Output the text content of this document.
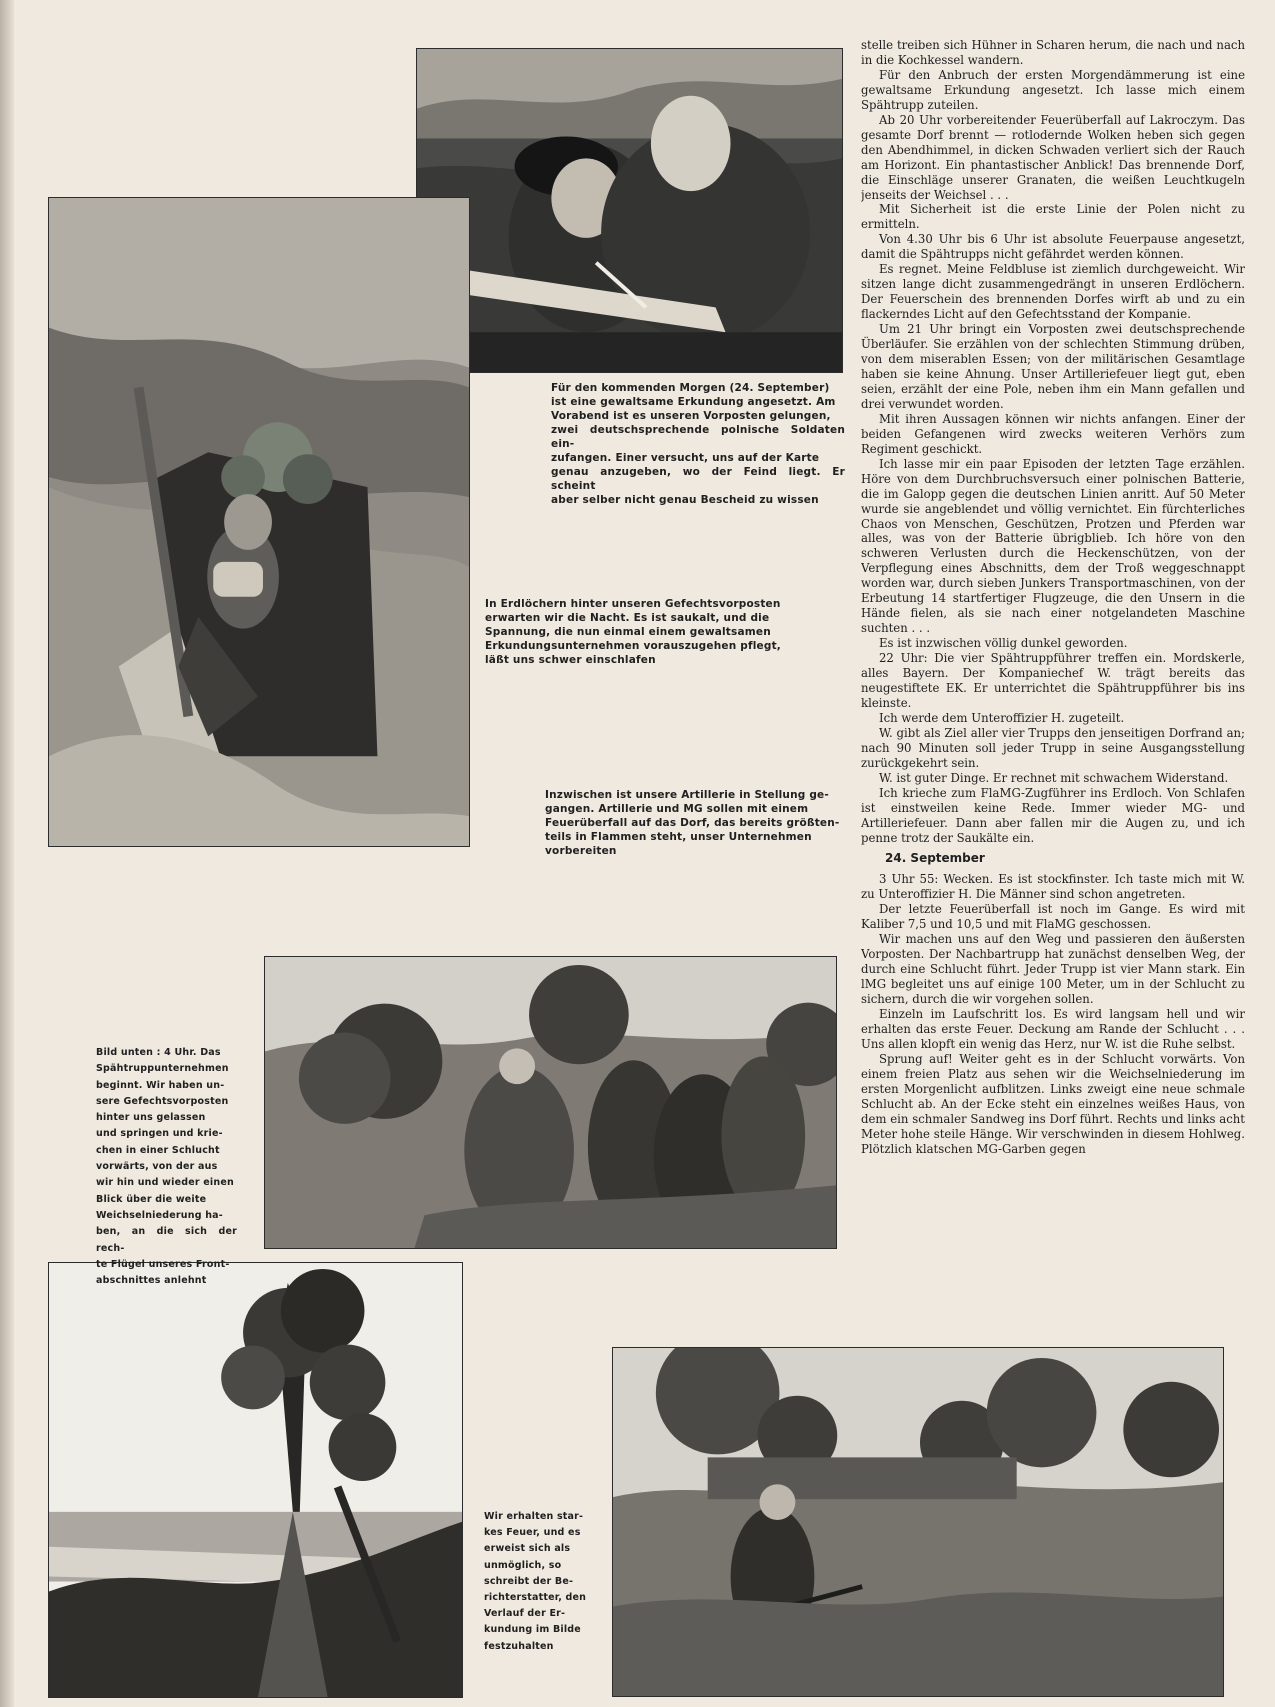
Für den kommenden Morgen (24. September)
ist eine gewaltsame Erkundung angesetzt. Am
Vorabend ist es unseren Vorposten gelungen,
zwei deutschsprechende polnische Soldaten ein-
zufangen. Einer versucht, uns auf der Karte
genau anzugeben, wo der Feind liegt. Er scheint
aber selber nicht genau Bescheid zu wissen
In Erdlöchern hinter unseren Gefechtsvorposten
erwarten wir die Nacht. Es ist saukalt, und die
Spannung, die nun einmal einem gewaltsamen
Erkundungsunternehmen vorauszugehen pflegt,
läßt uns schwer einschlafen
Inzwischen ist unsere Artillerie in Stellung ge-
gangen. Artillerie und MG sollen mit einem
Feuerüberfall auf das Dorf, das bereits größten-
teils in Flammen steht, unser Unternehmen
vorbereiten
Bild unten : 4 Uhr. Das
Spähtruppunternehmen
beginnt. Wir haben un-
sere Gefechtsvorposten
hinter uns gelassen
und springen und krie-
chen in einer Schlucht
vorwärts, von der aus
wir hin und wieder einen
Blick über die weite
Weichselniederung ha-
ben, an die sich der rech-
te Flügel unseres Front-
abschnittes anlehnt
Wir erhalten star-
kes Feuer, und es
erweist sich als
unmöglich, so
schreibt der Be-
richterstatter, den
Verlauf der Er-
kundung im Bilde
festzuhalten

stelle treiben sich Hühner in Scharen herum, die nach und nach in die Kochkessel wandern.

Für den Anbruch der ersten Morgendämmerung ist eine gewaltsame Erkundung angesetzt. Ich lasse mich einem Spähtrupp zuteilen.

Ab 20 Uhr vorbereitender Feuerüberfall auf Lakroczym. Das gesamte Dorf brennt — rotlodernde Wolken heben sich gegen den Abendhimmel, in dicken Schwaden verliert sich der Rauch am Horizont. Ein phantastischer Anblick! Das brennende Dorf, die Einschläge unserer Granaten, die weißen Leuchtkugeln jenseits der Weichsel . . .

Mit Sicherheit ist die erste Linie der Polen nicht zu ermitteln.

Von 4.30 Uhr bis 6 Uhr ist absolute Feuerpause angesetzt, damit die Spähtrupps nicht gefährdet werden können.

Es regnet. Meine Feldbluse ist ziemlich durchgeweicht. Wir sitzen lange dicht zusammengedrängt in unseren Erdlöchern. Der Feuerschein des brennenden Dorfes wirft ab und zu ein flackerndes Licht auf den Gefechtsstand der Kompanie.

Um 21 Uhr bringt ein Vorposten zwei deutschsprechende Überläufer. Sie erzählen von der schlechten Stimmung drüben, von dem miserablen Essen; von der militärischen Gesamtlage haben sie keine Ahnung. Unser Artilleriefeuer liegt gut, eben seien, erzählt der eine Pole, neben ihm ein Mann gefallen und drei verwundet worden.

Mit ihren Aussagen können wir nichts anfangen. Einer der beiden Gefangenen wird zwecks weiteren Verhörs zum Regiment geschickt.

Ich lasse mir ein paar Episoden der letzten Tage erzählen. Höre von dem Durchbruchsversuch einer polnischen Batterie, die im Galopp gegen die deutschen Linien anritt. Auf 50 Meter wurde sie angeblendet und völlig vernichtet. Ein fürchterliches Chaos von Menschen, Geschützen, Protzen und Pferden war alles, was von der Batterie übrigblieb. Ich höre von den schweren Verlusten durch die Heckenschützen, von der Verpflegung eines Abschnitts, dem der Troß weggeschnappt worden war, durch sieben Junkers Transportmaschinen, von der Erbeutung 14 startfertiger Flugzeuge, die den Unsern in die Hände fielen, als sie nach einer notgelandeten Maschine suchten . . .

Es ist inzwischen völlig dunkel geworden.

22 Uhr: Die vier Spähtruppführer treffen ein. Mordskerle, alles Bayern. Der Kompaniechef W. trägt bereits das neugestiftete EK. Er unterrichtet die Spähtruppführer bis ins kleinste.

Ich werde dem Unteroffizier H. zugeteilt.

W. gibt als Ziel aller vier Trupps den jenseitigen Dorfrand an; nach 90 Minuten soll jeder Trupp in seine Ausgangsstellung zurückgekehrt sein.

W. ist guter Dinge. Er rechnet mit schwachem Widerstand.

Ich krieche zum FlaMG-Zugführer ins Erdloch. Von Schlafen ist einstweilen keine Rede. Immer wieder MG- und Artilleriefeuer. Dann aber fallen mir die Augen zu, und ich penne trotz der Saukälte ein.

24. September

3 Uhr 55: Wecken. Es ist stockfinster. Ich taste mich mit W. zu Unteroffizier H. Die Männer sind schon angetreten.

Der letzte Feuerüberfall ist noch im Gange. Es wird mit Kaliber 7,5 und 10,5 und mit FlaMG geschossen.

Wir machen uns auf den Weg und passieren den äußersten Vorposten. Der Nachbartrupp hat zunächst denselben Weg, der durch eine Schlucht führt. Jeder Trupp ist vier Mann stark. Ein lMG begleitet uns auf einige 100 Meter, um in der Schlucht zu sichern, durch die wir vorgehen sollen.

Einzeln im Laufschritt los. Es wird langsam hell und wir erhalten das erste Feuer. Deckung am Rande der Schlucht . . . Uns allen klopft ein wenig das Herz, nur W. ist die Ruhe selbst.

Sprung auf! Weiter geht es in der Schlucht vorwärts. Von einem freien Platz aus sehen wir die Weichselniederung im ersten Morgenlicht aufblitzen. Links zweigt eine neue schmale Schlucht ab. An der Ecke steht ein einzelnes weißes Haus, von dem ein schmaler Sandweg ins Dorf führt. Rechts und links acht Meter hohe steile Hänge. Wir verschwinden in diesem Hohlweg. Plötzlich klatschen MG-Garben gegen
